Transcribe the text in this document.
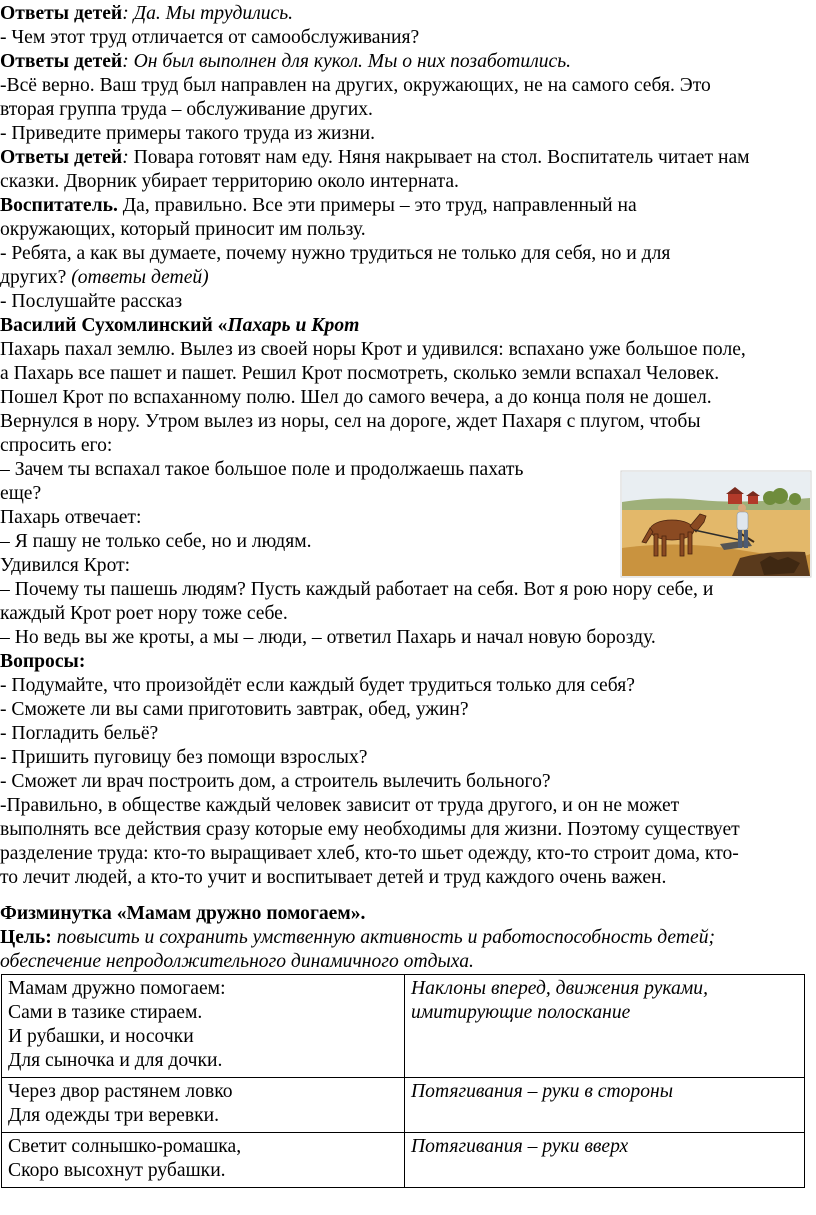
Ответы детей: Да. Мы трудились.

- Чем этот труд отличается от самообслуживания?

Ответы детей: Он был выполнен для кукол. Мы о них позаботились.

-Всё верно. Ваш труд был направлен на других, окружающих, не на самого себя. Это

вторая группа труда – обслуживание других.

- Приведите примеры такого труда из жизни.

Ответы детей: Повара готовят нам еду. Няня накрывает на стол. Воспитатель читает нам

сказки. Дворник убирает территорию около интерната.

Воспитатель. Да, правильно. Все эти примеры – это труд, направленный на

окружающих, который приносит им пользу.

- Ребята, а как вы думаете, почему нужно трудиться не только для себя, но и для

других? (ответы детей)

- Послушайте рассказ

Василий Сухомлинский «Пахарь и Крот

Пахарь пахал землю. Вылез из своей норы Крот и удивился: вспахано уже большое поле,

а Пахарь все пашет и пашет. Решил Крот посмотреть, сколько земли вспахал Человек.

Пошел Крот по вспаханному полю. Шел до самого вечера, а до конца поля не дошел.

Вернулся в нору. Утром вылез из норы, сел на дороге, ждет Пахаря с плугом, чтобы

спросить его:

– Зачем ты вспахал такое большое поле и продолжаешь пахать

еще?

Пахарь отвечает:

– Я пашу не только себе, но и людям.

Удивился Крот:

– Почему ты пашешь людям? Пусть каждый работает на себя. Вот я рою нору себе, и

каждый Крот роет нору тоже себе.

– Но ведь вы же кроты, а мы – люди, – ответил Пахарь и начал новую борозду.

Вопросы:

- Подумайте, что произойдёт если каждый будет трудиться только для себя?

- Сможете ли вы сами приготовить завтрак, обед, ужин?

- Погладить бельё?

- Пришить пуговицу без помощи взрослых?

- Сможет ли врач построить дом, а строитель вылечить больного?

-Правильно, в обществе каждый человек зависит от труда другого, и он не может

выполнять все действия сразу которые ему необходимы для жизни. Поэтому существует

разделение труда: кто-то выращивает хлеб, кто-то шьет одежду, кто-то строит дома, кто-

то лечит людей, а кто-то учит и воспитывает детей и труд каждого очень важен.

Физминутка «Мамам дружно помогаем».

Цель: повысить и сохранить умственную активность и работоспособность детей;

обеспечение непродолжительного динамичного отдыха.

Мамам дружно помогаем:
Сами в тазике стираем.
И рубашки, и носочки
Для сыночка и для дочки.	Наклоны вперед, движения руками,
имитирующие полоскание

Через двор растянем ловко
Для одежды три веревки.	Потягивания – руки в стороны

Светит солнышко-ромашка,
Скоро высохнут рубашки.	Потягивания – руки вверх
